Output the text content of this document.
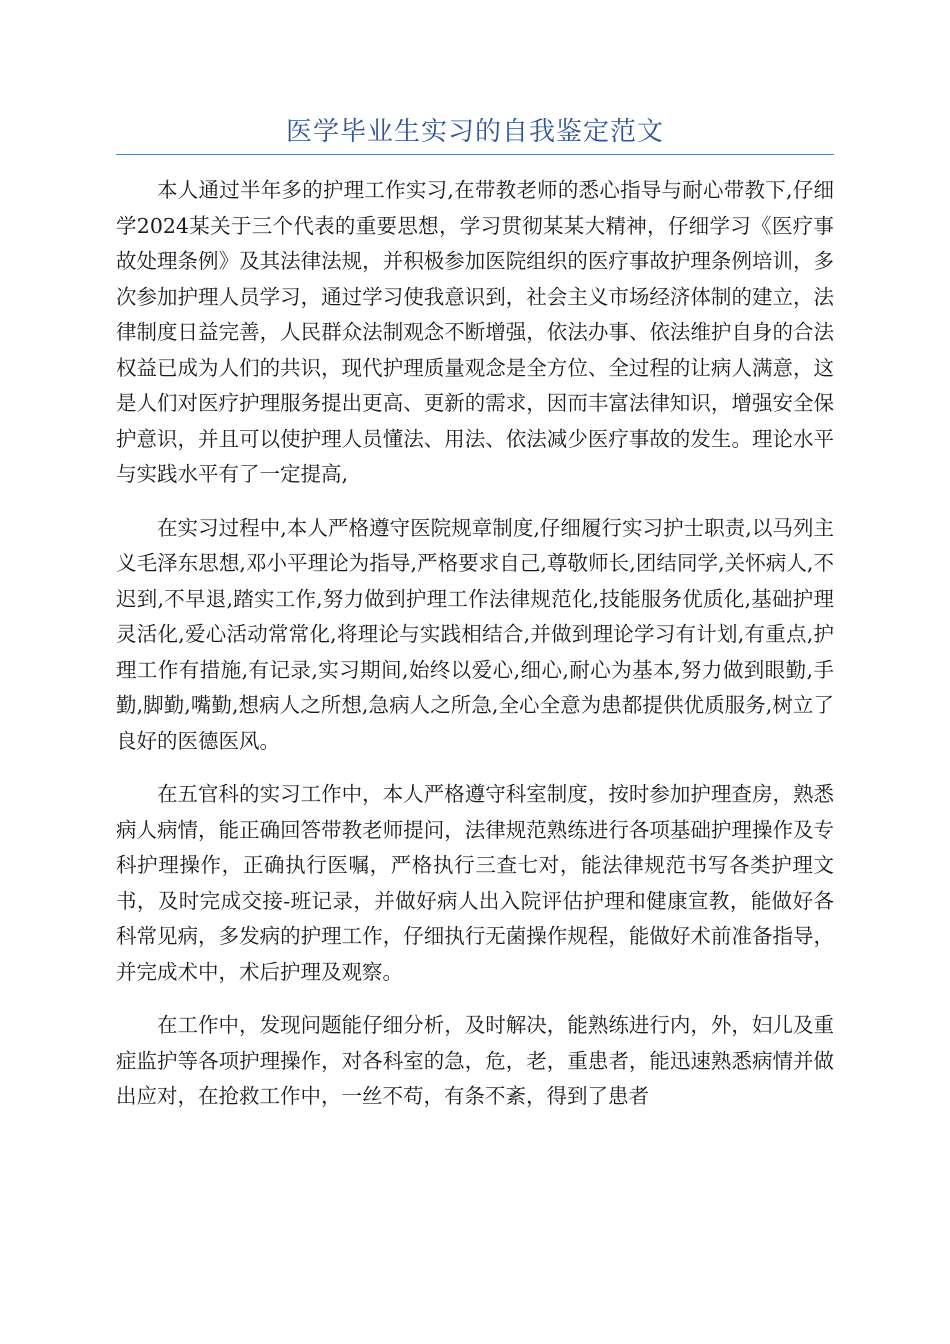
医学毕业生实习的自我鉴定范文

本人通过半年多的护理工作实习,在带教老师的悉心指导与耐心带教下,仔细学2024某关于三个代表的重要思想，学习贯彻某某大精神，仔细学习《医疗事故处理条例》及其法律法规，并积极参加医院组织的医疗事故护理条例培训，多次参加护理人员学习，通过学习使我意识到，社会主义市场经济体制的建立，法律制度日益完善，人民群众法制观念不断增强，依法办事、依法维护自身的合法权益已成为人们的共识，现代护理质量观念是全方位、全过程的让病人满意，这是人们对医疗护理服务提出更高、更新的需求，因而丰富法律知识，增强安全保护意识，并且可以使护理人员懂法、用法、依法减少医疗事故的发生。理论水平与实践水平有了一定提高,

在实习过程中,本人严格遵守医院规章制度,仔细履行实习护士职责,以马列主义毛泽东思想,邓小平理论为指导,严格要求自己,尊敬师长,团结同学,关怀病人,不迟到,不早退,踏实工作,努力做到护理工作法律规范化,技能服务优质化,基础护理灵活化,爱心活动常常化,将理论与实践相结合,并做到理论学习有计划,有重点,护理工作有措施,有记录,实习期间,始终以爱心,细心,耐心为基本,努力做到眼勤,手勤,脚勤,嘴勤,想病人之所想,急病人之所急,全心全意为患都提供优质服务,树立了良好的医德医风。

在五官科的实习工作中，本人严格遵守科室制度，按时参加护理查房，熟悉病人病情，能正确回答带教老师提问，法律规范熟练进行各项基础护理操作及专科护理操作，正确执行医嘱，严格执行三查七对，能法律规范书写各类护理文书，及时完成交接-班记录，并做好病人出入院评估护理和健康宣教，能做好各科常见病，多发病的护理工作，仔细执行无菌操作规程，能做好术前准备指导，并完成术中，术后护理及观察。

在工作中，发现问题能仔细分析，及时解决，能熟练进行内，外，妇儿及重症监护等各项护理操作，对各科室的急，危，老，重患者，能迅速熟悉病情并做出应对，在抢救工作中，一丝不苟，有条不紊，得到了患者
